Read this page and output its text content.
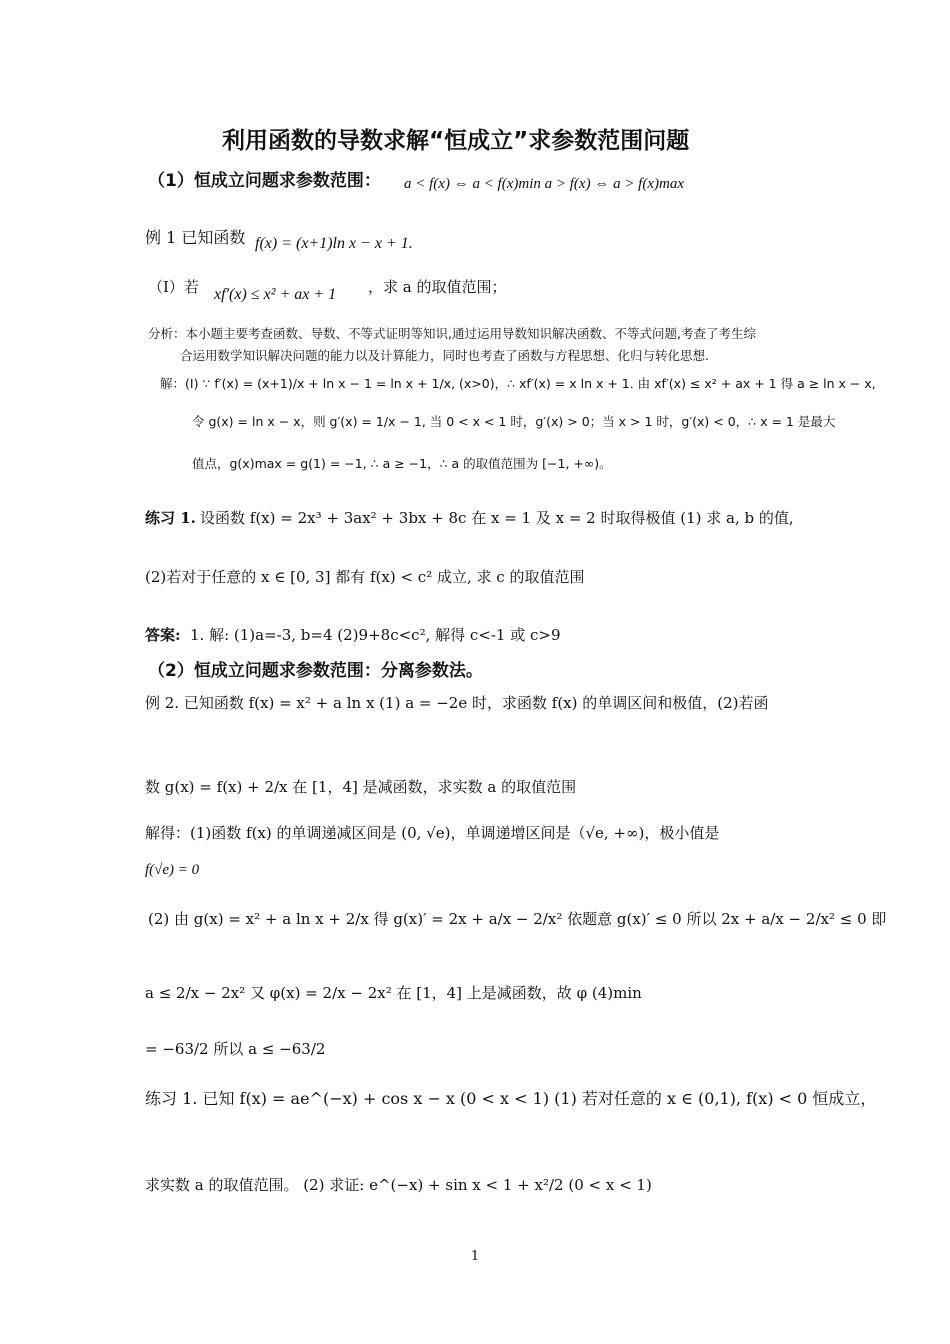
利用函数的导数求解“恒成立”求参数范围问题
（1）恒成立问题求参数范围： a < f(x) ⇔ a < f(x)min a > f(x) ⇔ a > f(x)max
例 1 已知函数 f(x) = (x+1)ln x − x + 1.
（Ⅰ）若 xf′(x) ≤ x² + ax + 1 ，求 a 的取值范围；
分析：本小题主要考查函数、导数、不等式证明等知识,通过运用导数知识解决函数、不等式问题,考查了考生综
合运用数学知识解决问题的能力以及计算能力，同时也考查了函数与方程思想、化归与转化思想.
解：(Ⅰ) ∵ f′(x) = (x+1)/x + ln x − 1 = ln x + 1/x, (x>0)，∴ xf′(x) = x ln x + 1. 由 xf′(x) ≤ x² + ax + 1 得 a ≥ ln x − x,
令 g(x) = ln x − x，则 g′(x) = 1/x − 1, 当 0 < x < 1 时，g′(x) > 0；当 x > 1 时，g′(x) < 0，∴ x = 1 是最大
值点，g(x)max = g(1) = −1, ∴ a ≥ −1，∴ a 的取值范围为 [−1, +∞)。
练习 1. 设函数 f(x) = 2x³ + 3ax² + 3bx + 8c 在 x = 1 及 x = 2 时取得极值 (1) 求 a, b 的值,
(2)若对于任意的 x ∈ [0, 3] 都有 f(x) < c² 成立, 求 c 的取值范围
答案: 1. 解: (1)a=-3, b=4 (2)9+8c<c², 解得 c<-1 或 c>9
（2）恒成立问题求参数范围：分离参数法。
例 2. 已知函数 f(x) = x² + a ln x (1) a = −2e 时，求函数 f(x) 的单调区间和极值，(2)若函
数 g(x) = f(x) + 2/x 在 [1，4] 是减函数，求实数 a 的取值范围
解得：(1)函数 f(x) 的单调递减区间是 (0, √e)，单调递增区间是（√e, +∞)，极小值是
f(√e) = 0
(2) 由 g(x) = x² + a ln x + 2/x 得 g(x)′ = 2x + a/x − 2/x² 依题意 g(x)′ ≤ 0 所以 2x + a/x − 2/x² ≤ 0 即
a ≤ 2/x − 2x² 又 φ(x) = 2/x − 2x² 在 [1，4] 上是减函数，故 φ (4)min
= −63/2 所以 a ≤ −63/2
练习 1. 已知 f(x) = ae^(−x) + cos x − x (0 < x < 1) (1) 若对任意的 x ∈ (0,1), f(x) < 0 恒成立，
求实数 a 的取值范围。 (2) 求证: e^(−x) + sin x < 1 + x²/2 (0 < x < 1)
1
